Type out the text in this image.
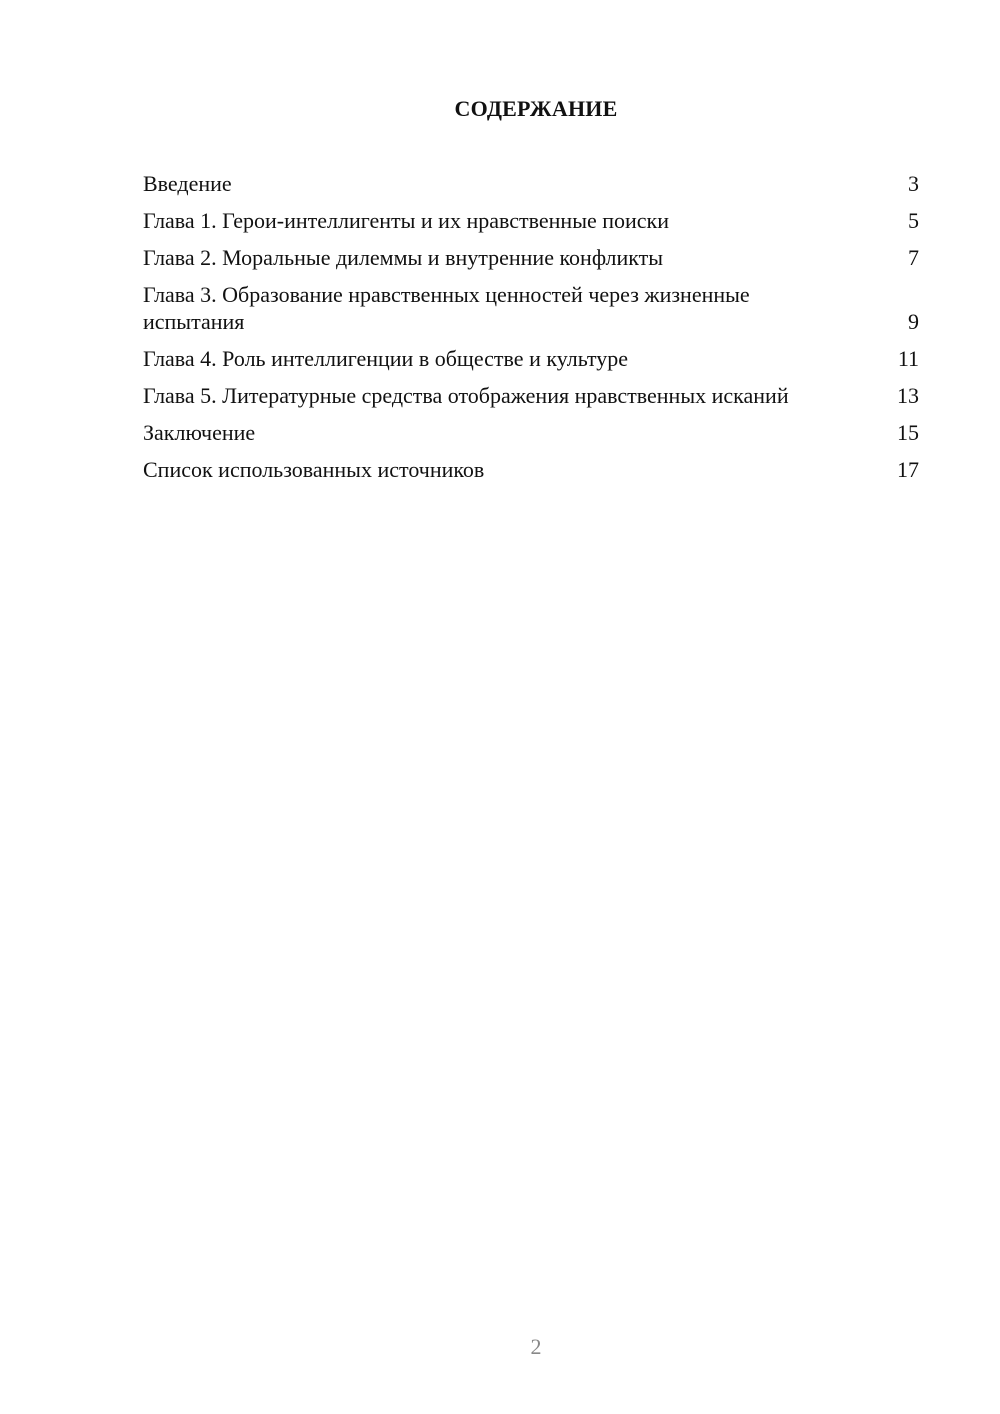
СОДЕРЖАНИЕ
Введение	3
Глава 1. Герои-интеллигенты и их нравственные поиски	5
Глава 2. Моральные дилеммы и внутренние конфликты	7
Глава 3. Образование нравственных ценностей через жизненные испытания	9
Глава 4. Роль интеллигенции в обществе и культуре	11
Глава 5. Литературные средства отображения нравственных исканий	13
Заключение	15
Список использованных источников	17
2
